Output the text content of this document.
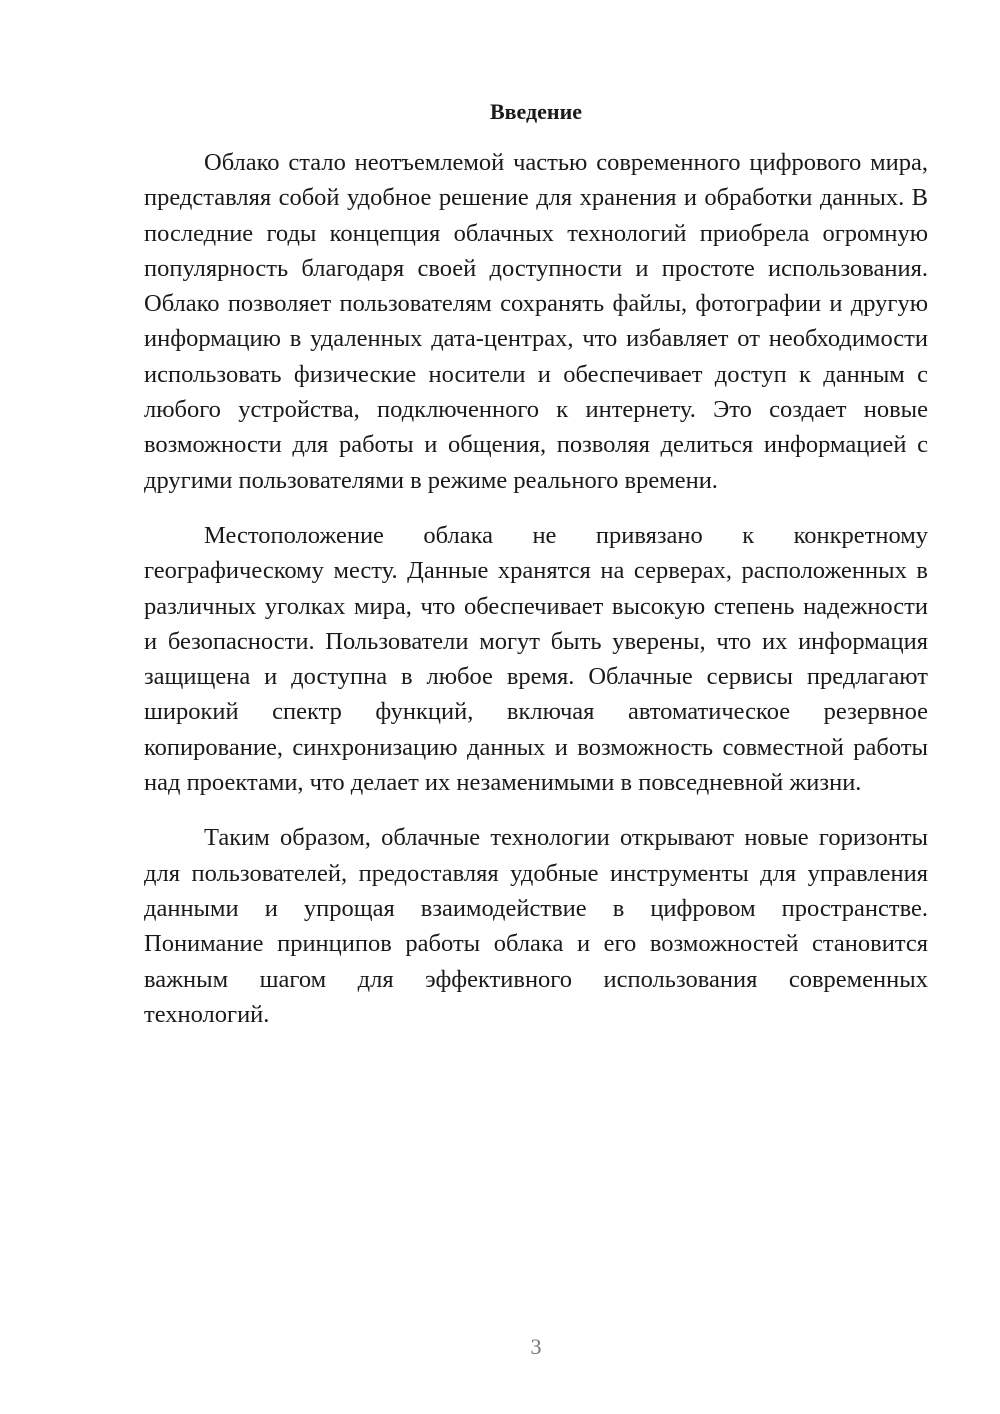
Введение

Облако стало неотъемлемой частью современного цифрового мира, представляя собой удобное решение для хранения и обработки данных. В последние годы концепция облачных технологий приобрела огромную популярность благодаря своей доступности и простоте использования. Облако позволяет пользователям сохранять файлы, фотографии и другую информацию в удаленных дата-центрах, что избавляет от необходимости использовать физические носители и обеспечивает доступ к данным с любого устройства, подключенного к интернету. Это создает новые возможности для работы и общения, позволяя делиться информацией с другими пользователями в режиме реального времени.

Местоположение облака не привязано к конкретному географическому месту. Данные хранятся на серверах, расположенных в различных уголках мира, что обеспечивает высокую степень надежности и безопасности. Пользователи могут быть уверены, что их информация защищена и доступна в любое время. Облачные сервисы предлагают широкий спектр функций, включая автоматическое резервное копирование, синхронизацию данных и возможность совместной работы над проектами, что делает их незаменимыми в повседневной жизни.

Таким образом, облачные технологии открывают новые горизонты для пользователей, предоставляя удобные инструменты для управления данными и упрощая взаимодействие в цифровом пространстве. Понимание принципов работы облака и его возможностей становится важным шагом для эффективного использования современных технологий.

3
